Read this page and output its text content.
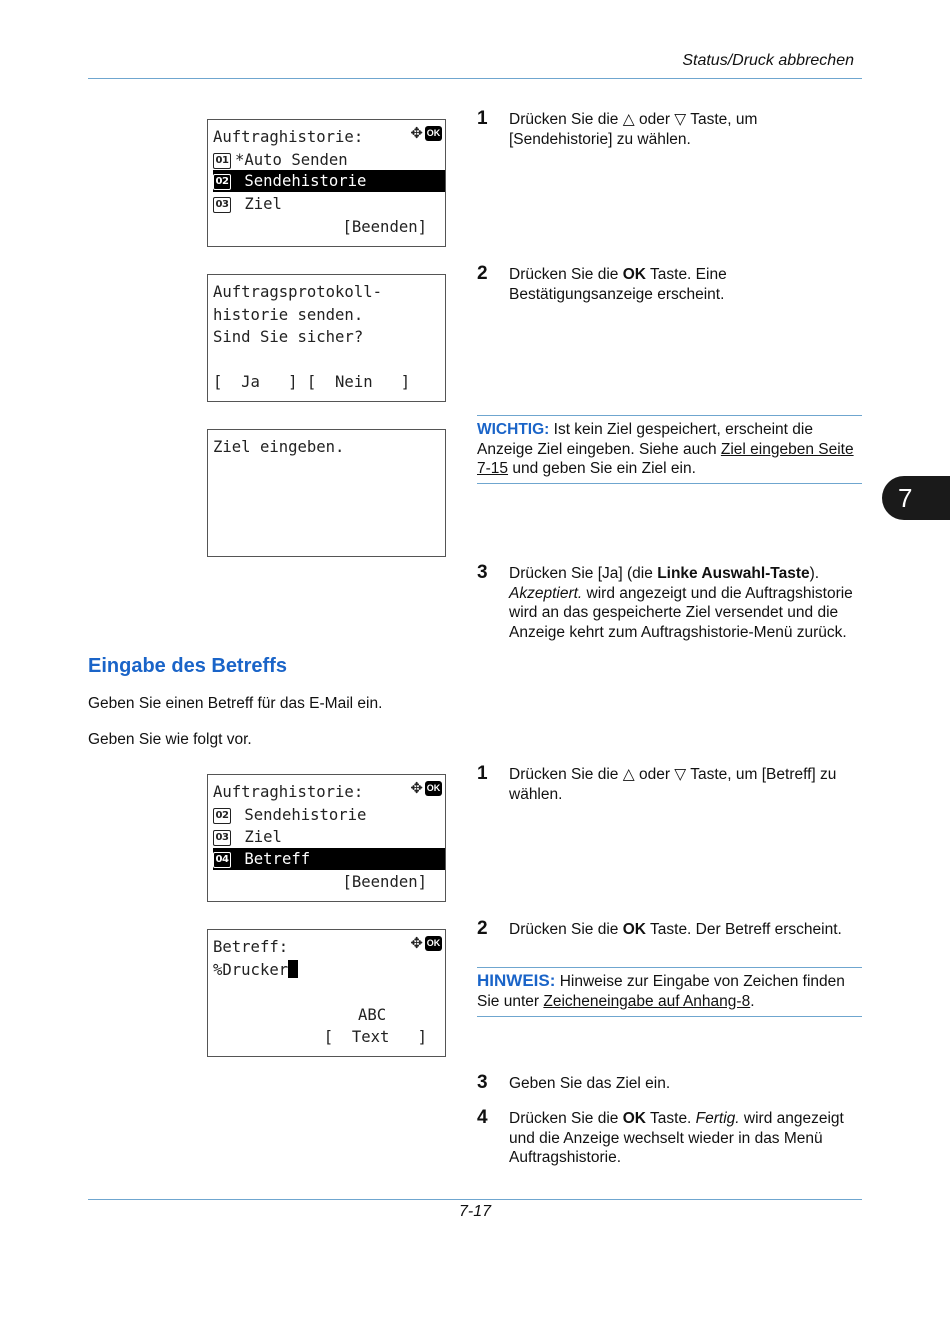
Status/Druck abbrechen
7
Auftraghistorie:	✥ OK
01 *Auto Senden
02 Sendehistorie
03 Ziel
[Beenden]
Auftragsprotokoll-
historie senden.
Sind Sie sicher?
[  Ja   ] [  Nein   ]
Ziel eingeben.
1 Drücken Sie die △ oder ▽ Taste, um
[Sendehistorie] zu wählen.
2 Drücken Sie die OK Taste. Eine
Bestätigungsanzeige erscheint.
WICHTIG: Ist kein Ziel gespeichert, erscheint die
Anzeige Ziel eingeben. Siehe auch Ziel eingeben Seite
7-15 und geben Sie ein Ziel ein.
3 Drücken Sie [Ja] (die Linke Auswahl-Taste).
Akzeptiert. wird angezeigt und die Auftragshistorie
wird an das gespeicherte Ziel versendet und die
Anzeige kehrt zum Auftragshistorie-Menü zurück.
Eingabe des Betreffs
Geben Sie einen Betreff für das E-Mail ein.
Geben Sie wie folgt vor.
Auftraghistorie:	✥ OK
02 Sendehistorie
03 Ziel
04 Betreff
[Beenden]
Betreff:	✥ OK
%Drucker
ABC
[  Text   ]
1 Drücken Sie die △ oder ▽ Taste, um [Betreff] zu
wählen.
2 Drücken Sie die OK Taste. Der Betreff erscheint.
HINWEIS: Hinweise zur Eingabe von Zeichen finden
Sie unter Zeicheneingabe auf Anhang-8.
3 Geben Sie das Ziel ein.
4 Drücken Sie die OK Taste. Fertig. wird angezeigt
und die Anzeige wechselt wieder in das Menü
Auftragshistorie.
7-17
